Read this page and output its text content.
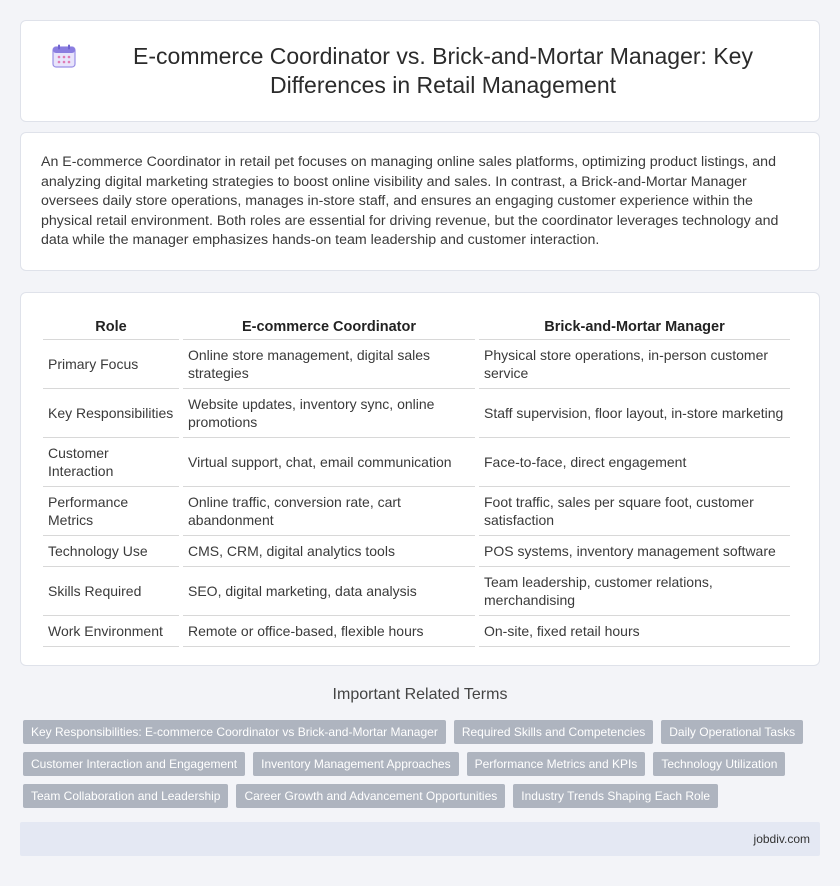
E-commerce Coordinator vs. Brick-and-Mortar Manager: Key Differences in Retail Management

An E-commerce Coordinator in retail pet focuses on managing online sales platforms, optimizing product listings, and analyzing digital marketing strategies to boost online visibility and sales. In contrast, a Brick-and-Mortar Manager oversees daily store operations, manages in-store staff, and ensures an engaging customer experience within the physical retail environment. Both roles are essential for driving revenue, but the coordinator leverages technology and data while the manager emphasizes hands-on team leadership and customer interaction.

Role	E-commerce Coordinator	Brick-and-Mortar Manager
Primary Focus	Online store management, digital sales strategies	Physical store operations, in-person customer service
Key Responsibilities	Website updates, inventory sync, online promotions	Staff supervision, floor layout, in-store marketing
Customer Interaction	Virtual support, chat, email communication	Face-to-face, direct engagement
Performance Metrics	Online traffic, conversion rate, cart abandonment	Foot traffic, sales per square foot, customer satisfaction
Technology Use	CMS, CRM, digital analytics tools	POS systems, inventory management software
Skills Required	SEO, digital marketing, data analysis	Team leadership, customer relations, merchandising
Work Environment	Remote or office-based, flexible hours	On-site, fixed retail hours
Important Related Terms
Key Responsibilities: E-commerce Coordinator vs Brick-and-Mortar Manager	Required Skills and Competencies	Daily Operational Tasks
Customer Interaction and Engagement	Inventory Management Approaches	Performance Metrics and KPIs	Technology Utilization
Team Collaboration and Leadership	Career Growth and Advancement Opportunities	Industry Trends Shaping Each Role
jobdiv.com
